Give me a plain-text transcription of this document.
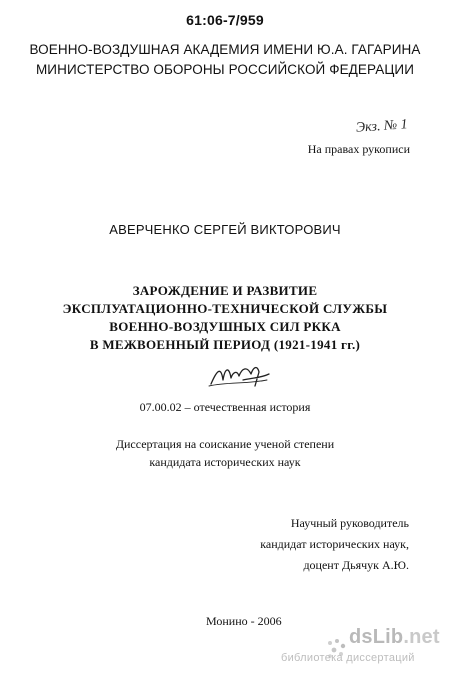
61:06-7/959
ВОЕННО-ВОЗДУШНАЯ АКАДЕМИЯ ИМЕНИ Ю.А. ГАГАРИНА
МИНИСТЕРСТВО ОБОРОНЫ РОССИЙСКОЙ ФЕДЕРАЦИИ
Экз. № 1
На правах рукописи
АВЕРЧЕНКО СЕРГЕЙ ВИКТОРОВИЧ
ЗАРОЖДЕНИЕ И РАЗВИТИЕ
ЭКСПЛУАТАЦИОННО-ТЕХНИЧЕСКОЙ СЛУЖБЫ
ВОЕННО-ВОЗДУШНЫХ СИЛ РККА
В МЕЖВОЕННЫЙ ПЕРИОД (1921-1941 гг.)
07.00.02 – отечественная история
Диссертация на соискание ученой степени
кандидата исторических наук
Научный руководитель
кандидат исторических наук,
доцент Дьячук А.Ю.
Монино - 2006
dsLib.net
библиотека диссертаций
